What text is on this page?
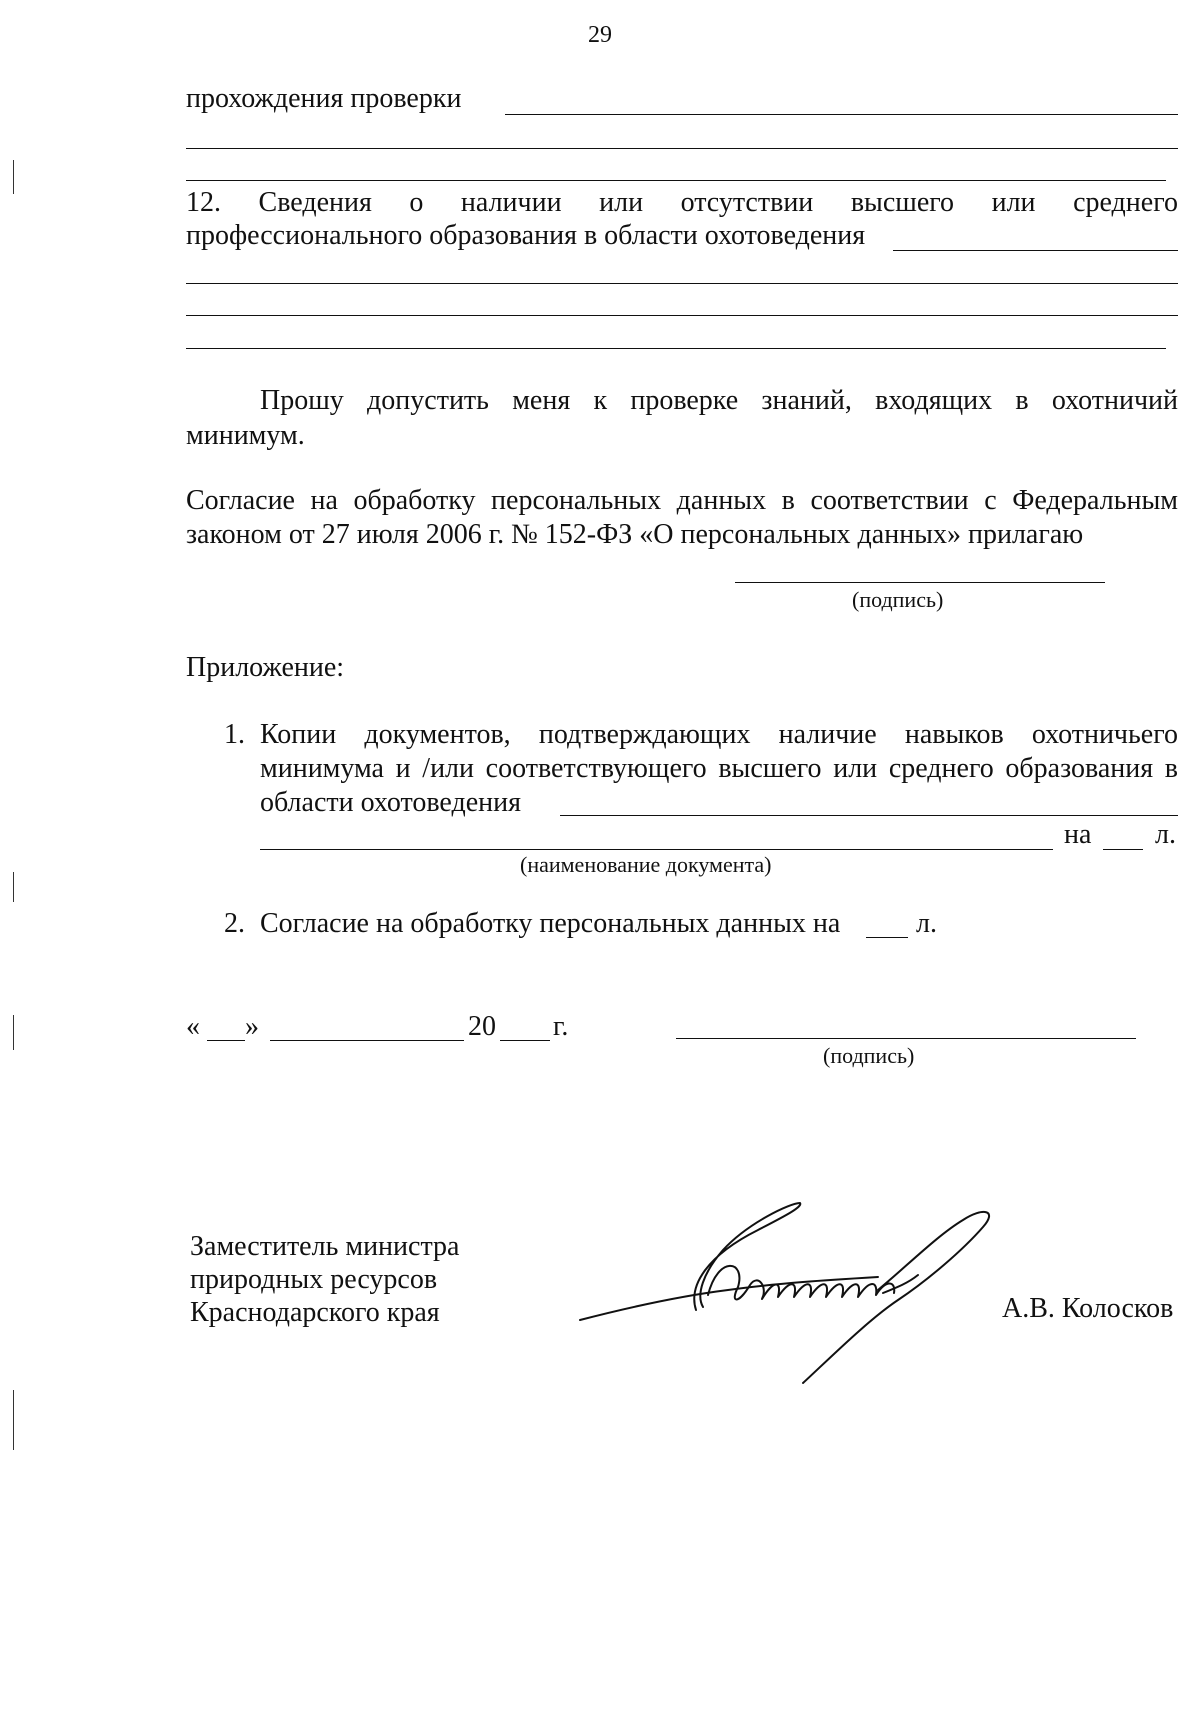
29
прохождения проверки
12. Сведения о наличии или отсутствии высшего или среднего
профессионального образования в области охотоведения
Прошу допустить меня к проверке знаний, входящих в охотничий
минимум.
Согласие на обработку персональных данных в соответствии с Федеральным
законом от 27 июля 2006 г. № 152-ФЗ «О персональных данных» прилагаю
(подпись)
Приложение:
1. Копии документов, подтверждающих наличие навыков охотничьего
минимума и /или соответствующего высшего или среднего образования в
области охотоведения
на л.
(наименование документа)
2. Согласие на обработку персональных данных на	л.
« »	20 г.
(подпись)
Заместитель министра
природных ресурсов
Краснодарского края	А.В. Колосков
